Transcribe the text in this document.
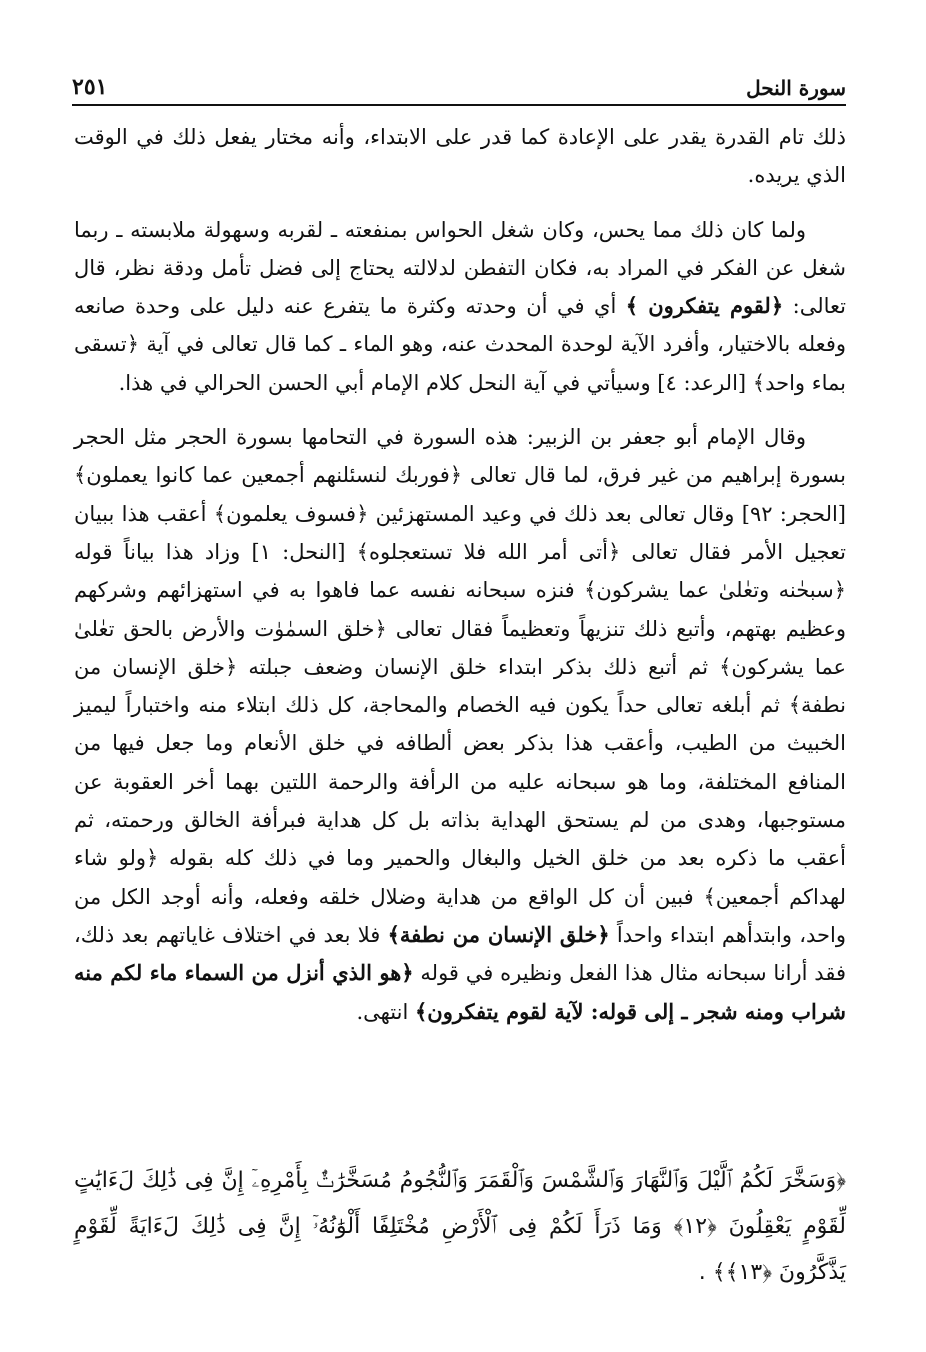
سورة النحل
٢٥١

ذلك تام القدرة يقدر على الإعادة كما قدر على الابتداء، وأنه مختار يفعل ذلك في الوقت الذي يريده.

ولما كان ذلك مما يحس، وكان شغل الحواس بمنفعته ـ لقربه وسهولة ملابسته ـ ربما شغل عن الفكر في المراد به، فكان التفطن لدلالته يحتاج إلى فضل تأمل ودقة نظر، قال تعالى: ﴿لقوم يتفكرون ﴾ أي في أن وحدته وكثرة ما يتفرع عنه دليل على وحدة صانعه وفعله بالاختيار، وأفرد الآية لوحدة المحدث عنه، وهو الماء ـ كما قال تعالى في آية ﴿تسقى بماء واحد﴾ [الرعد: ٤] وسيأتي في آية النحل كلام الإمام أبي الحسن الحرالي في هذا.

وقال الإمام أبو جعفر بن الزبير: هذه السورة في التحامها بسورة الحجر مثل الحجر بسورة إبراهيم من غير فرق، لما قال تعالى ﴿فوربك لنسئلنهم أجمعين عما كانوا يعملون﴾ [الحجر: ٩٢] وقال تعالى بعد ذلك في وعيد المستهزئين ﴿فسوف يعلمون﴾ أعقب هذا ببيان تعجيل الأمر فقال تعالى ﴿أتى أمر الله فلا تستعجلوه﴾ [النحل: ١] وزاد هذا بياناً قوله ﴿سبحٰنه وتعٰلىٰ عما يشركون﴾ فنزه سبحانه نفسه عما فاهوا به في استهزائهم وشركهم وعظيم بهتهم، وأتبع ذلك تنزيهاً وتعظيماً فقال تعالى ﴿خلق السمٰوٰت والأرض بالحق تعٰلىٰ عما يشركون﴾ ثم أتبع ذلك بذكر ابتداء خلق الإنسان وضعف جبلته ﴿خلق الإنسان من نطفة﴾ ثم أبلغه تعالى حداً يكون فيه الخصام والمحاجة، كل ذلك ابتلاء منه واختباراً ليميز الخبيث من الطيب، وأعقب هذا بذكر بعض ألطافه في خلق الأنعام وما جعل فيها من المنافع المختلفة، وما هو سبحانه عليه من الرأفة والرحمة اللتين بهما أخر العقوبة عن مستوجبها، وهدى من لم يستحق الهداية بذاته بل كل هداية فبرأفة الخالق ورحمته، ثم أعقب ما ذكره بعد من خلق الخيل والبغال والحمير وما في ذلك كله بقوله ﴿ولو شاء لهداكم أجمعين﴾ فبين أن كل الواقع من هداية وضلال خلقه وفعله، وأنه أوجد الكل من واحد، وابتدأهم ابتداء واحداً ﴿خلق الإنسان من نطفة﴾ فلا بعد في اختلاف غاياتهم بعد ذلك، فقد أرانا سبحانه مثال هذا الفعل ونظيره في قوله ﴿هو الذي أنزل من السماء ماء لكم منه شراب ومنه شجر ـ إلى قوله: لآية لقوم يتفكرون﴾ انتهى.

﴿وَسَخَّرَ لَكُمُ ٱلَّيْلَ وَٱلنَّهَارَ وَٱلشَّمْسَ وَٱلْقَمَرَ وَٱلنُّجُومُ مُسَخَّرَٰتٌۢ بِأَمْرِهِۦٓ إِنَّ فِى ذَٰلِكَ لَءَايَٰتٍ لِّقَوْمٍ يَعْقِلُونَ ﴿١٢﴾ وَمَا ذَرَأَ لَكُمْ فِى ٱلْأَرْضِ مُخْتَلِفًا أَلْوَٰنُهُۥٓ إِنَّ فِى ذَٰلِكَ لَءَايَةً لِّقَوْمٍ يَذَّكَّرُونَ ﴿١٣﴾﴾ .
